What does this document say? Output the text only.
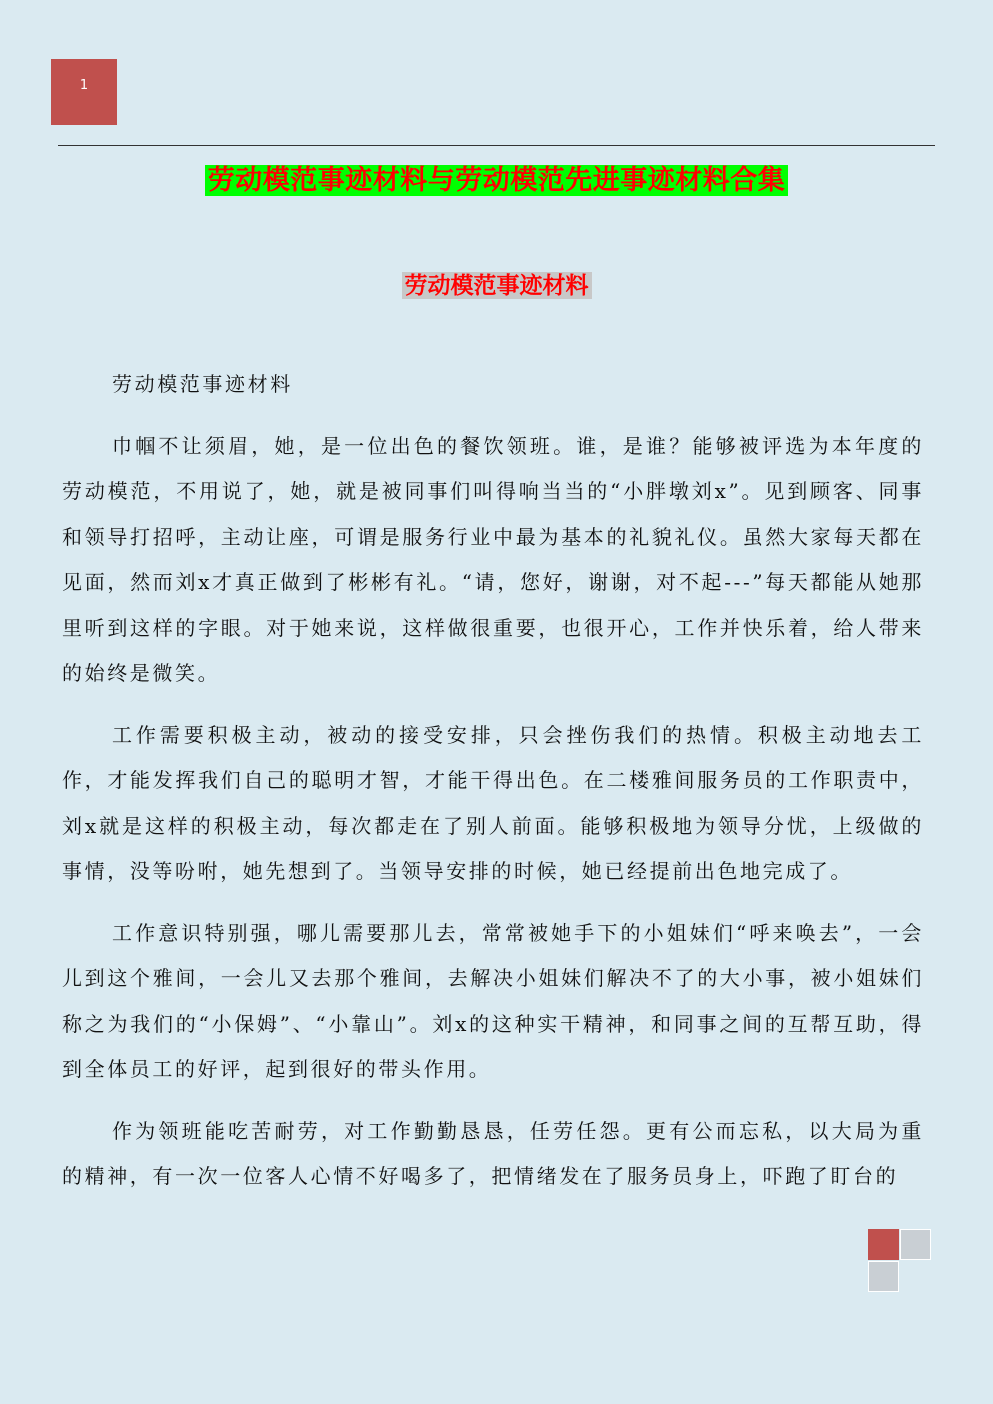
1
劳动模范事迹材料与劳动模范先进事迹材料合集
劳动模范事迹材料

劳动模范事迹材料

巾帼不让须眉，她，是一位出色的餐饮领班。谁，是谁？能够被评选为本年度的劳动模范，不用说了，她，就是被同事们叫得响当当的“小胖墩刘x”。见到顾客、同事和领导打招呼，主动让座，可谓是服务行业中最为基本的礼貌礼仪。虽然大家每天都在见面，然而刘x才真正做到了彬彬有礼。“请，您好，谢谢，对不起---”每天都能从她那里听到这样的字眼。对于她来说，这样做很重要，也很开心，工作并快乐着，给人带来的始终是微笑。

工作需要积极主动，被动的接受安排，只会挫伤我们的热情。积极主动地去工作，才能发挥我们自己的聪明才智，才能干得出色。在二楼雅间服务员的工作职责中，刘x就是这样的积极主动，每次都走在了别人前面。能够积极地为领导分忧，上级做的事情，没等吩咐，她先想到了。当领导安排的时候，她已经提前出色地完成了。

工作意识特别强，哪儿需要那儿去，常常被她手下的小姐妹们“呼来唤去”，一会儿到这个雅间，一会儿又去那个雅间，去解决小姐妹们解决不了的大小事，被小姐妹们称之为我们的“小保姆”、“小靠山”。刘x的这种实干精神，和同事之间的互帮互助，得到全体员工的好评，起到很好的带头作用。

作为领班能吃苦耐劳，对工作勤勤恳恳，任劳任怨。更有公而忘私，以大局为重的精神，有一次一位客人心情不好喝多了，把情绪发在了服务员身上，吓跑了盯台的
